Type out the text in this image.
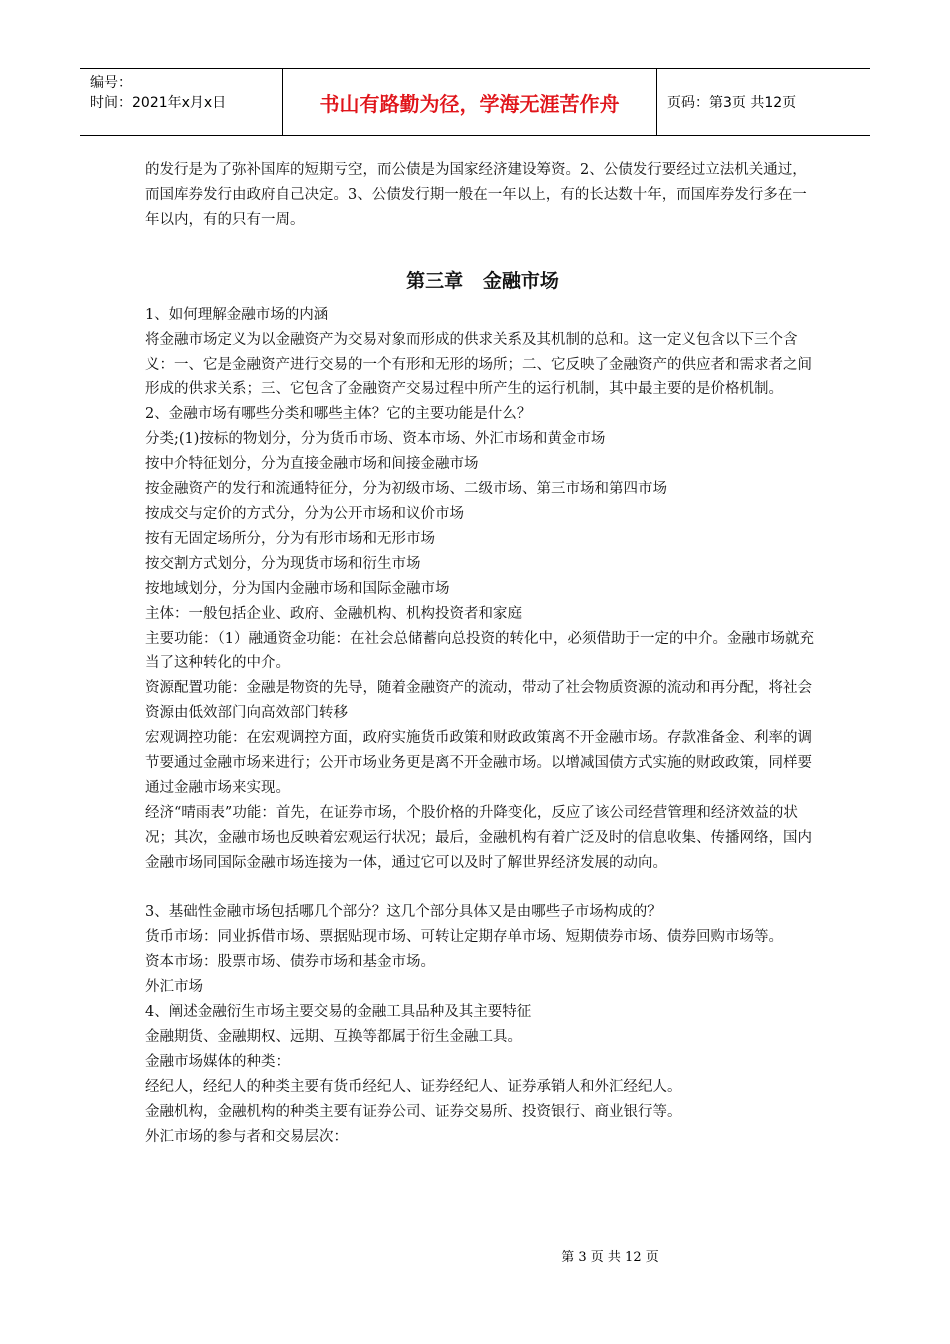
编号：
时间：2021年x月x日	书山有路勤为径，学海无涯苦作舟	页码：第3页 共12页

的发行是为了弥补国库的短期亏空，而公债是为国家经济建设筹资。2、公债发行要经过立法机关通过，而国库券发行由政府自己决定。3、公债发行期一般在一年以上，有的长达数十年，而国库券发行多在一年以内，有的只有一周。

第三章   金融市场

1、如何理解金融市场的内涵

将金融市场定义为以金融资产为交易对象而形成的供求关系及其机制的总和。这一定义包含以下三个含义：一、它是金融资产进行交易的一个有形和无形的场所；二、它反映了金融资产的供应者和需求者之间形成的供求关系；三、它包含了金融资产交易过程中所产生的运行机制，其中最主要的是价格机制。

2、金融市场有哪些分类和哪些主体？它的主要功能是什么？

分类;(1)按标的物划分，分为货币市场、资本市场、外汇市场和黄金市场

按中介特征划分，分为直接金融市场和间接金融市场

按金融资产的发行和流通特征分，分为初级市场、二级市场、第三市场和第四市场

按成交与定价的方式分，分为公开市场和议价市场

按有无固定场所分，分为有形市场和无形市场

按交割方式划分，分为现货市场和衍生市场

按地域划分，分为国内金融市场和国际金融市场

主体：一般包括企业、政府、金融机构、机构投资者和家庭

主要功能：（1）融通资金功能：在社会总储蓄向总投资的转化中，必须借助于一定的中介。金融市场就充当了这种转化的中介。

资源配置功能：金融是物资的先导，随着金融资产的流动，带动了社会物质资源的流动和再分配，将社会资源由低效部门向高效部门转移

宏观调控功能：在宏观调控方面，政府实施货币政策和财政政策离不开金融市场。存款准备金、利率的调节要通过金融市场来进行；公开市场业务更是离不开金融市场。以增减国债方式实施的财政政策，同样要通过金融市场来实现。

经济“晴雨表”功能：首先，在证券市场，个股价格的升降变化，反应了该公司经营管理和经济效益的状况；其次，金融市场也反映着宏观运行状况；最后，金融机构有着广泛及时的信息收集、传播网络，国内金融市场同国际金融市场连接为一体，通过它可以及时了解世界经济发展的动向。

3、基础性金融市场包括哪几个部分？这几个部分具体又是由哪些子市场构成的？

货币市场：同业拆借市场、票据贴现市场、可转让定期存单市场、短期债券市场、债券回购市场等。

资本市场：股票市场、债券市场和基金市场。

外汇市场

4、阐述金融衍生市场主要交易的金融工具品种及其主要特征

金融期货、金融期权、远期、互换等都属于衍生金融工具。

金融市场媒体的种类：

经纪人，经纪人的种类主要有货币经纪人、证券经纪人、证券承销人和外汇经纪人。

金融机构，金融机构的种类主要有证券公司、证券交易所、投资银行、商业银行等。

外汇市场的参与者和交易层次：

第 3 页 共 12 页
